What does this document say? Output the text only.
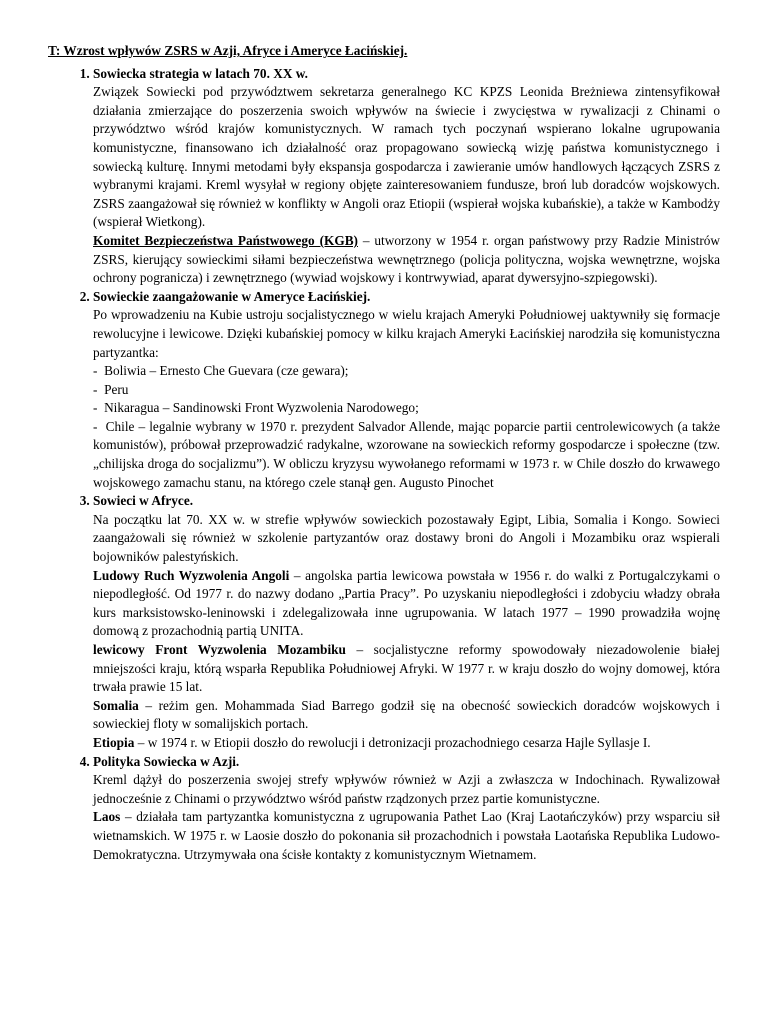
T: Wzrost wpływów ZSRS w Azji, Afryce i Ameryce Łacińskiej.
1. Sowiecka strategia w latach 70. XX w.

Związek Sowiecki pod przywództwem sekretarza generalnego KC KPZS Leonida Breżniewa zintensyfikował działania zmierzające do poszerzenia swoich wpływów na świecie i zwycięstwa w rywalizacji z Chinami o przywództwo wśród krajów komunistycznych. W ramach tych poczynań wspierano lokalne ugrupowania komunistyczne, finansowano ich działalność oraz propagowano sowiecką wizję państwa komunistycznego i sowiecką kulturę. Innymi metodami były ekspansja gospodarcza i zawieranie umów handlowych łączących ZSRS z wybranymi krajami. Kreml wysyłał w regiony objęte zainteresowaniem fundusze, broń lub doradców wojskowych. ZSRS zaangażował się również w konflikty w Angoli oraz Etiopii (wspierał wojska kubańskie), a także w Kambodży (wspierał Wietkong).

Komitet Bezpieczeństwa Państwowego (KGB) – utworzony w 1954 r. organ państwowy przy Radzie Ministrów ZSRS, kierujący sowieckimi siłami bezpieczeństwa wewnętrznego (policja polityczna, wojska wewnętrzne, wojska ochrony pogranicza) i zewnętrznego (wywiad wojskowy i kontrwywiad, aparat dywersyjno-szpiegowski).

2. Sowieckie zaangażowanie w Ameryce Łacińskiej.

Po wprowadzeniu na Kubie ustroju socjalistycznego w wielu krajach Ameryki Południowej uaktywniły się formacje rewolucyjne i lewicowe. Dzięki kubańskiej pomocy w kilku krajach Ameryki Łacińskiej narodziła się komunistyczna partyzantka:

-  Boliwia – Ernesto Che Guevara (cze gewara);
-  Peru
-  Nikaragua – Sandinowski Front Wyzwolenia Narodowego;
-  Chile – legalnie wybrany w 1970 r. prezydent Salvador Allende, mając poparcie partii centrolewicowych (a także komunistów), próbował przeprowadzić radykalne, wzorowane na sowieckich reformy gospodarcze i społeczne (tzw. „chilijska droga do socjalizmu”). W obliczu kryzysu wywołanego reformami w 1973 r. w Chile doszło do krwawego wojskowego zamachu stanu, na którego czele stanął gen. Augusto Pinochet
3. Sowieci w Afryce.

Na początku lat 70. XX w. w strefie wpływów sowieckich pozostawały Egipt, Libia, Somalia i Kongo. Sowieci zaangażowali się również w szkolenie partyzantów oraz dostawy broni do Angoli i Mozambiku oraz wspierali bojowników palestyńskich.

Ludowy Ruch Wyzwolenia Angoli – angolska partia lewicowa powstała w 1956 r. do walki z Portugalczykami o niepodległość. Od 1977 r. do nazwy dodano „Partia Pracy”. Po uzyskaniu niepodległości i zdobyciu władzy obrała kurs marksistowsko-leninowski i zdelegalizowała inne ugrupowania. W latach 1977 – 1990 prowadziła wojnę domową z prozachodnią partią UNITA.

lewicowy Front Wyzwolenia Mozambiku – socjalistyczne reformy spowodowały niezadowolenie białej mniejszości kraju, którą wsparła Republika Południowej Afryki. W 1977 r. w kraju doszło do wojny domowej, która trwała prawie 15 lat.

Somalia – reżim gen. Mohammada Siad Barrego godził się na obecność sowieckich doradców wojskowych i sowieckiej floty w somalijskich portach.

Etiopia – w 1974 r. w Etiopii doszło do rewolucji i detronizacji prozachodniego cesarza Hajle Syllasje I.

4. Polityka Sowiecka w Azji.

Kreml dążył do poszerzenia swojej strefy wpływów również w Azji a zwłaszcza w Indochinach. Rywalizował jednocześnie z Chinami o przywództwo wśród państw rządzonych przez partie komunistyczne.

Laos – działała tam partyzantka komunistyczna z ugrupowania Pathet Lao (Kraj Laotańczyków) przy wsparciu sił wietnamskich. W 1975 r. w Laosie doszło do pokonania sił prozachodnich i powstała Laotańska Republika Ludowo-Demokratyczna. Utrzymywała ona ścisłe kontakty z komunistycznym Wietnamem.
